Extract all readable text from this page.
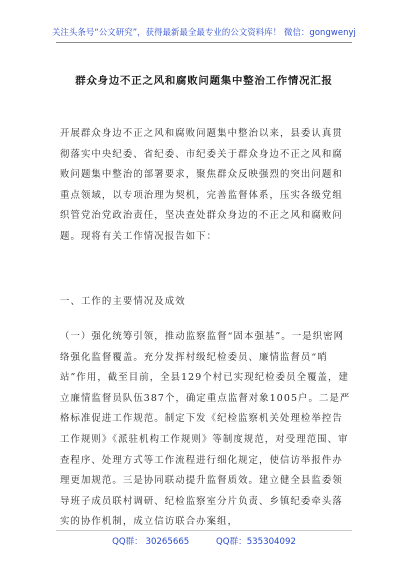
关注头条号“公文研究”，获得最新最全最专业的公文资料库！ 微信：gongwenyj
群众身边不正之风和腐败问题集中整治工作情况汇报
开展群众身边不正之风和腐败问题集中整治以来，县委认真贯彻落实中央纪委、省纪委、市纪委关于群众身边不正之风和腐败问题集中整治的部署要求，聚焦群众反映强烈的突出问题和重点领域，以专项治理为契机，完善监督体系，压实各级党组织管党治党政治责任，坚决查处群众身边的不正之风和腐败问题。现将有关工作情况报告如下：
一、工作的主要情况及成效
（一）强化统筹引领，推动监察监督“固本强基”。一是织密网络强化监督覆盖。充分发挥村级纪检委员、廉情监督员“哨站”作用，截至目前，全县129个村已实现纪检委员全覆盖，建立廉情监督员队伍387个，确定重点监督对象1005户。二是严格标准促进工作规范。制定下发《纪检监察机关处理检举控告工作规则》《派驻机构工作规则》等制度规范，对受理范围、审查程序、处理方式等工作流程进行细化规定，使信访举报件办理更加规范。三是协同联动提升监督质效。建立健全县监委领导班子成员联村调研、纪检监察室分片负责、乡镇纪委牵头落实的协作机制，成立信访联合办案组，
QQ群： 30265665	QQ群：535304092
